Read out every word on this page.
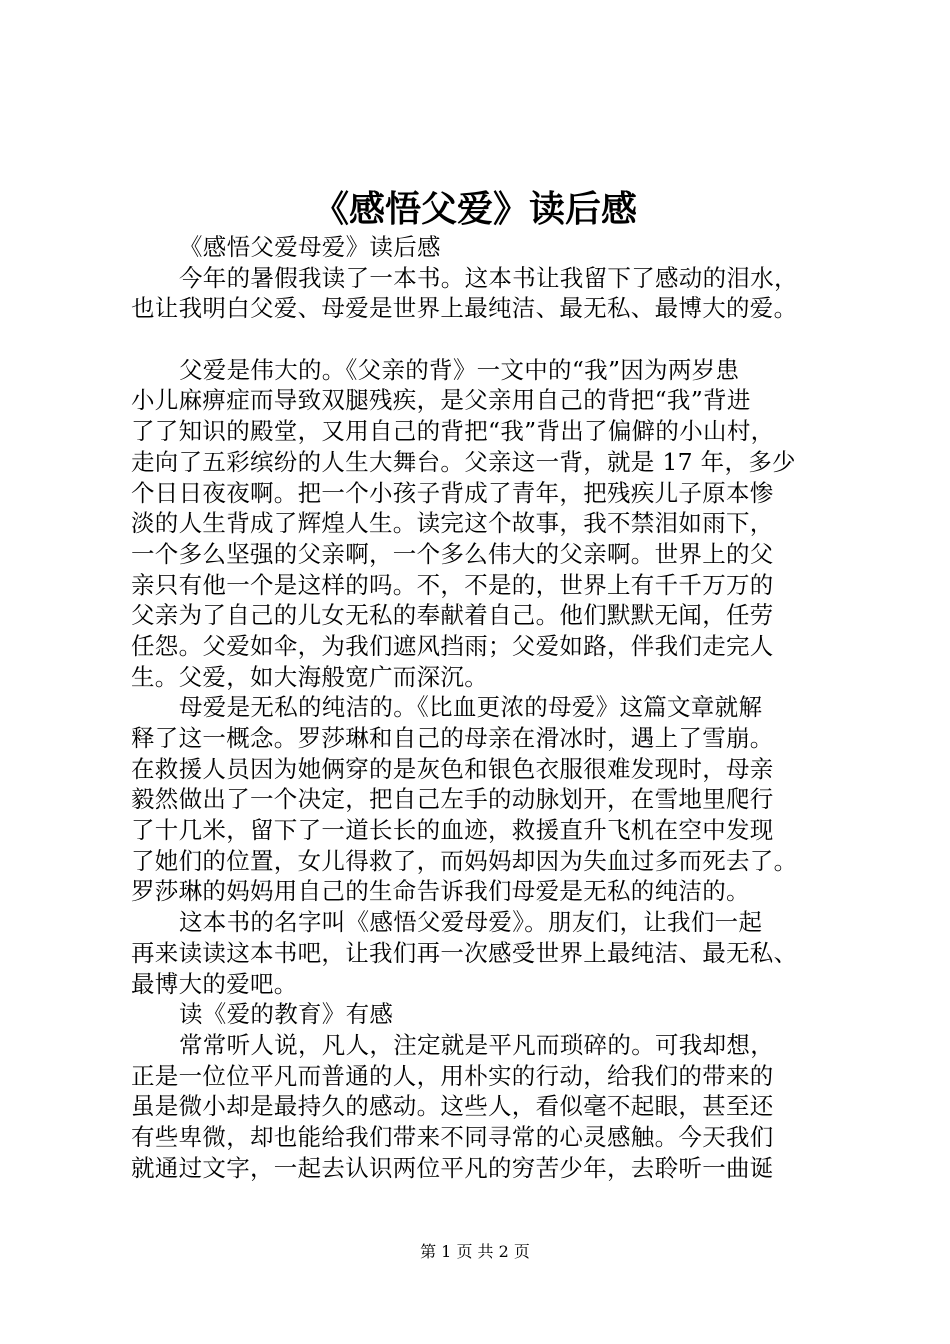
《感悟父爱》读后感
《感悟父爱母爱》读后感
今年的暑假我读了一本书。这本书让我留下了感动的泪水，
也让我明白父爱、母爱是世界上最纯洁、最无私、最博大的爱。
父爱是伟大的。《父亲的背》一文中的“我”因为两岁患
小儿麻痹症而导致双腿残疾，是父亲用自己的背把“我”背进
了了知识的殿堂，又用自己的背把“我”背出了偏僻的小山村，
走向了五彩缤纷的人生大舞台。父亲这一背，就是 17 年，多少
个日日夜夜啊。把一个小孩子背成了青年，把残疾儿子原本惨
淡的人生背成了辉煌人生。读完这个故事，我不禁泪如雨下，
一个多么坚强的父亲啊，一个多么伟大的父亲啊。世界上的父
亲只有他一个是这样的吗。不，不是的，世界上有千千万万的
父亲为了自己的儿女无私的奉献着自己。他们默默无闻，任劳
任怨。父爱如伞，为我们遮风挡雨；父爱如路，伴我们走完人
生。父爱，如大海般宽广而深沉。
母爱是无私的纯洁的。《比血更浓的母爱》这篇文章就解
释了这一概念。罗莎琳和自己的母亲在滑冰时，遇上了雪崩。
在救援人员因为她俩穿的是灰色和银色衣服很难发现时，母亲
毅然做出了一个决定，把自己左手的动脉划开，在雪地里爬行
了十几米，留下了一道长长的血迹，救援直升飞机在空中发现
了她们的位置，女儿得救了，而妈妈却因为失血过多而死去了。
罗莎琳的妈妈用自己的生命告诉我们母爱是无私的纯洁的。
这本书的名字叫《感悟父爱母爱》。朋友们，让我们一起
再来读读这本书吧，让我们再一次感受世界上最纯洁、最无私、
最博大的爱吧。
读《爱的教育》有感
常常听人说，凡人，注定就是平凡而琐碎的。可我却想，
正是一位位平凡而普通的人，用朴实的行动，给我们的带来的
虽是微小却是最持久的感动。这些人，看似毫不起眼，甚至还
有些卑微，却也能给我们带来不同寻常的心灵感触。今天我们
就通过文字，一起去认识两位平凡的穷苦少年，去聆听一曲诞
第 1 页 共 2 页
